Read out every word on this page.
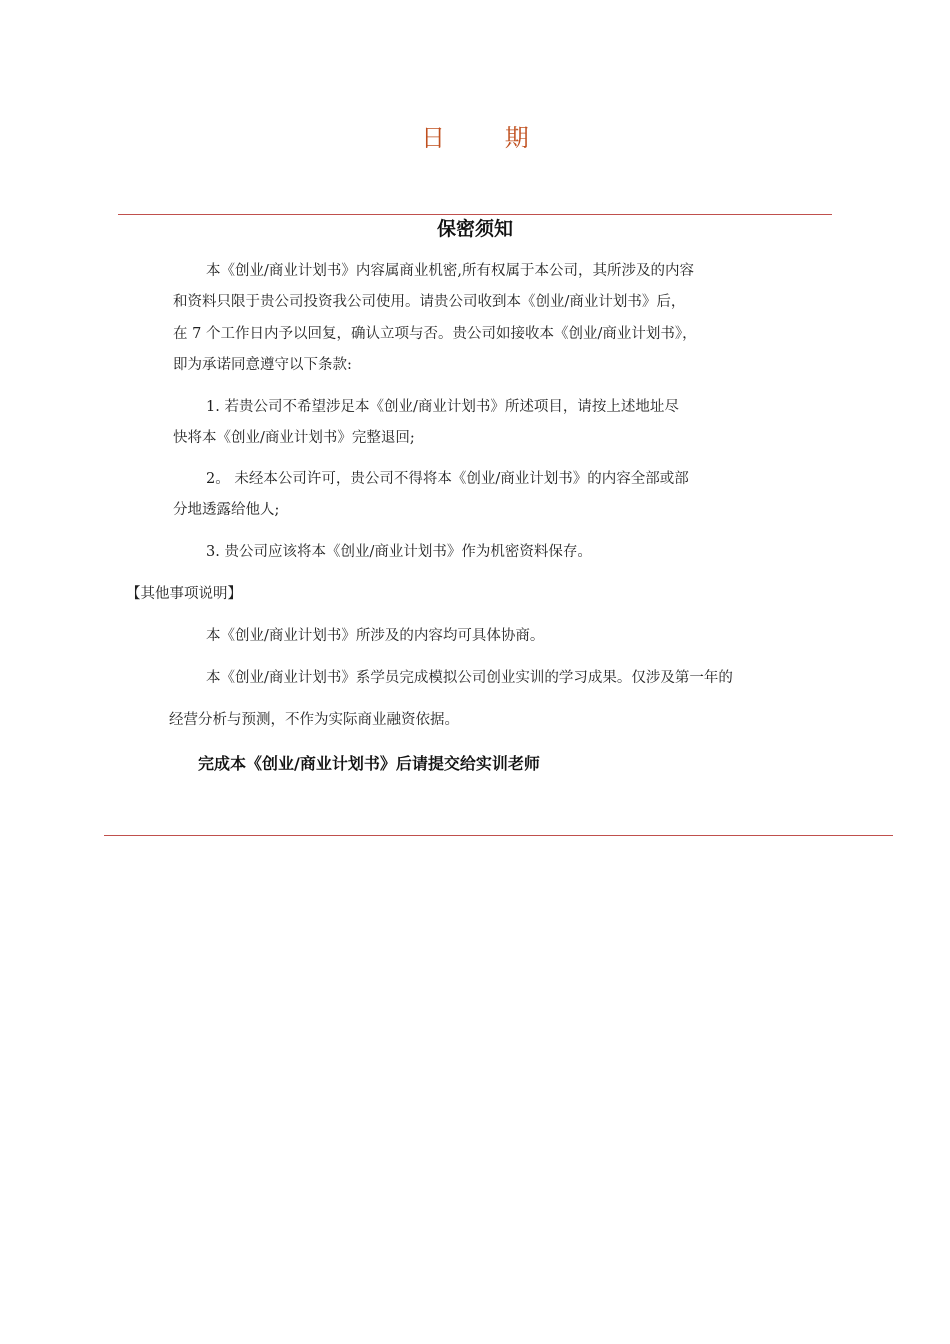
日 期
保密须知
本《创业/商业计划书》内容属商业机密,所有权属于本公司，其所涉及的内容
和资料只限于贵公司投资我公司使用。请贵公司收到本《创业/商业计划书》后，
在 7 个工作日内予以回复，确认立项与否。贵公司如接收本《创业/商业计划书》，
即为承诺同意遵守以下条款:
1. 若贵公司不希望涉足本《创业/商业计划书》所述项目，请按上述地址尽
快将本《创业/商业计划书》完整退回;
2。 未经本公司许可，贵公司不得将本《创业/商业计划书》的内容全部或部
分地透露给他人;
3. 贵公司应该将本《创业/商业计划书》作为机密资料保存。
【其他事项说明】
本《创业/商业计划书》所涉及的内容均可具体协商。
本《创业/商业计划书》系学员完成模拟公司创业实训的学习成果。仅涉及第一年的
经营分析与预测，不作为实际商业融资依据。
完成本《创业/商业计划书》后请提交给实训老师
